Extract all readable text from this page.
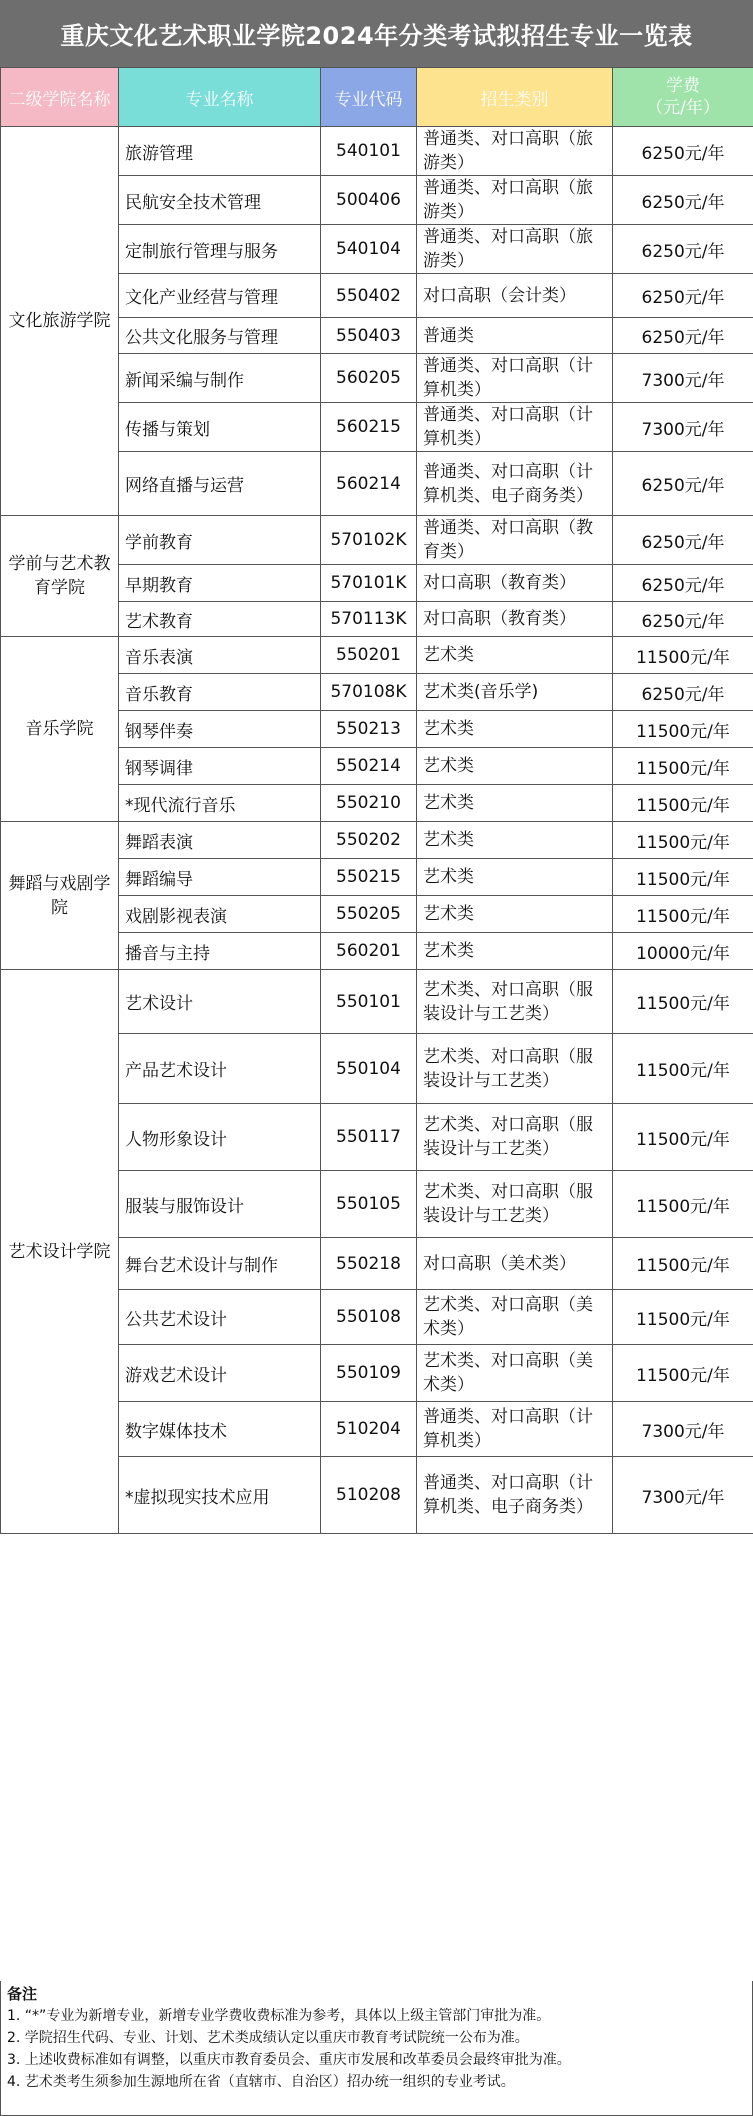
重庆文化艺术职业学院2024年分类考试拟招生专业一览表
二级学院名称	专业名称	专业代码	招生类别	学费
（元/年）
文化旅游学院	旅游管理	540101	普通类、对口高职（旅游类）	6250元/年
	民航安全技术管理	500406	普通类、对口高职（旅游类）	6250元/年
	定制旅行管理与服务	540104	普通类、对口高职（旅游类）	6250元/年
	文化产业经营与管理	550402	对口高职（会计类）	6250元/年
	公共文化服务与管理	550403	普通类	6250元/年
	新闻采编与制作	560205	普通类、对口高职（计算机类）	7300元/年
	传播与策划	560215	普通类、对口高职（计算机类）	7300元/年
	网络直播与运营	560214	普通类、对口高职（计算机类、电子商务类）	6250元/年
学前与艺术教育学院	学前教育	570102K	普通类、对口高职（教育类）	6250元/年
	早期教育	570101K	对口高职（教育类）	6250元/年
	艺术教育	570113K	对口高职（教育类）	6250元/年
音乐学院	音乐表演	550201	艺术类	11500元/年
	音乐教育	570108K	艺术类(音乐学)	6250元/年
	钢琴伴奏	550213	艺术类	11500元/年
	钢琴调律	550214	艺术类	11500元/年
	*现代流行音乐	550210	艺术类	11500元/年
舞蹈与戏剧学院	舞蹈表演	550202	艺术类	11500元/年
	舞蹈编导	550215	艺术类	11500元/年
	戏剧影视表演	550205	艺术类	11500元/年
	播音与主持	560201	艺术类	10000元/年
艺术设计学院	艺术设计	550101	艺术类、对口高职（服装设计与工艺类）	11500元/年
	产品艺术设计	550104	艺术类、对口高职（服装设计与工艺类）	11500元/年
	人物形象设计	550117	艺术类、对口高职（服装设计与工艺类）	11500元/年
	服装与服饰设计	550105	艺术类、对口高职（服装设计与工艺类）	11500元/年
	舞台艺术设计与制作	550218	对口高职（美术类）	11500元/年
	公共艺术设计	550108	艺术类、对口高职（美术类）	11500元/年
	游戏艺术设计	550109	艺术类、对口高职（美术类）	11500元/年
	数字媒体技术	510204	普通类、对口高职（计算机类）	7300元/年
	*虚拟现实技术应用	510208	普通类、对口高职（计算机类、电子商务类）	7300元/年
备注
1. “*”专业为新增专业，新增专业学费收费标准为参考，具体以上级主管部门审批为准。
2. 学院招生代码、专业、计划、艺术类成绩认定以重庆市教育考试院统一公布为准。
3. 上述收费标准如有调整，以重庆市教育委员会、重庆市发展和改革委员会最终审批为准。
4. 艺术类考生须参加生源地所在省（直辖市、自治区）招办统一组织的专业考试。
